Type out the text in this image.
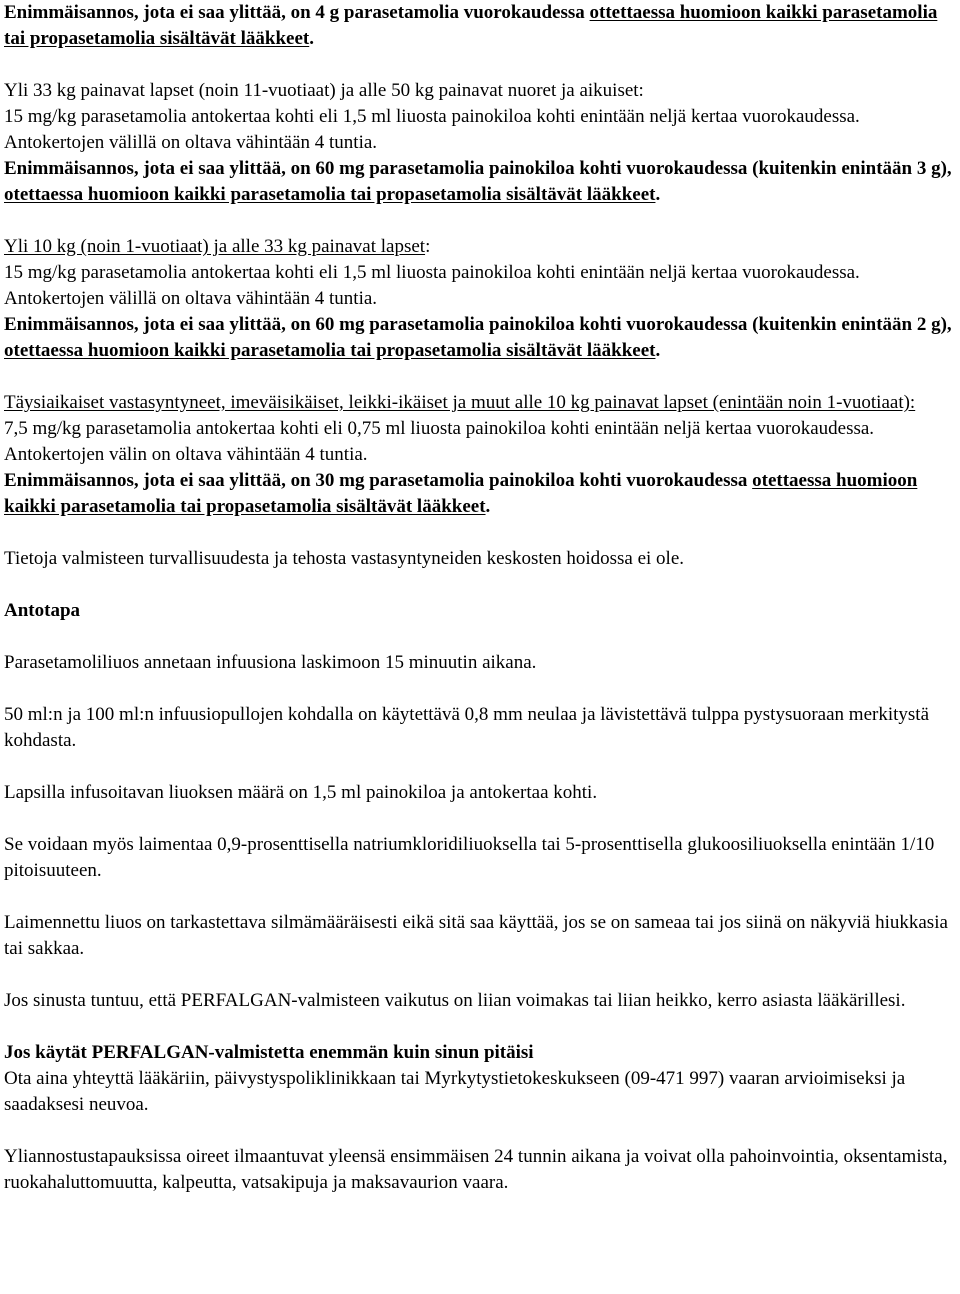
Enimmäisannos, jota ei saa ylittää, on 4 g parasetamolia vuorokaudessa ottettaessa huomioon kaikki parasetamolia tai propasetamolia sisältävät lääkkeet.

Yli 33 kg painavat lapset (noin 11-vuotiaat) ja alle 50 kg painavat nuoret ja aikuiset:

15 mg/kg parasetamolia antokertaa kohti eli 1,5 ml liuosta painokiloa kohti enintään neljä kertaa vuorokaudessa. Antokertojen välillä on oltava vähintään 4 tuntia.

Enimmäisannos, jota ei saa ylittää, on 60 mg parasetamolia painokiloa kohti vuorokaudessa (kuitenkin enintään 3 g), otettaessa huomioon kaikki parasetamolia tai propasetamolia sisältävät lääkkeet.

Yli 10 kg (noin 1-vuotiaat) ja alle 33 kg painavat lapset:

15 mg/kg parasetamolia antokertaa kohti eli 1,5 ml liuosta painokiloa kohti enintään neljä kertaa vuorokaudessa. Antokertojen välillä on oltava vähintään 4 tuntia.

Enimmäisannos, jota ei saa ylittää, on 60 mg parasetamolia painokiloa kohti vuorokaudessa (kuitenkin enintään 2 g), otettaessa huomioon kaikki parasetamolia tai propasetamolia sisältävät lääkkeet.

Täysiaikaiset vastasyntyneet, imeväisikäiset, leikki-ikäiset ja muut alle 10 kg painavat lapset (enintään noin 1-vuotiaat):

7,5 mg/kg parasetamolia antokertaa kohti eli 0,75 ml liuosta painokiloa kohti enintään neljä kertaa vuorokaudessa. Antokertojen välin on oltava vähintään 4 tuntia.

Enimmäisannos, jota ei saa ylittää, on 30 mg parasetamolia painokiloa kohti vuorokaudessa otettaessa huomioon kaikki parasetamolia tai propasetamolia sisältävät lääkkeet.

Tietoja valmisteen turvallisuudesta ja tehosta vastasyntyneiden keskosten hoidossa ei ole.

Antotapa

Parasetamoliliuos annetaan infuusiona laskimoon 15 minuutin aikana.

50 ml:n ja 100 ml:n infuusiopullojen kohdalla on käytettävä 0,8 mm neulaa ja lävistettävä tulppa pystysuoraan merkitystä kohdasta.

Lapsilla infusoitavan liuoksen määrä on 1,5 ml painokiloa ja antokertaa kohti.

Se voidaan myös laimentaa 0,9-prosenttisella natriumkloridiliuoksella tai 5-prosenttisella glukoosiliuoksella enintään 1/10 pitoisuuteen.

Laimennettu liuos on tarkastettava silmämääräisesti eikä sitä saa käyttää, jos se on sameaa tai jos siinä on näkyviä hiukkasia tai sakkaa.

Jos sinusta tuntuu, että PERFALGAN-valmisteen vaikutus on liian voimakas tai liian heikko, kerro asiasta lääkärillesi.

Jos käytät PERFALGAN-valmistetta enemmän kuin sinun pitäisi

Ota aina yhteyttä lääkäriin, päivystyspoliklinikkaan tai Myrkytystietokeskukseen (09-471 997) vaaran arvioimiseksi ja saadaksesi neuvoa.

Yliannostustapauksissa oireet ilmaantuvat yleensä ensimmäisen 24 tunnin aikana ja voivat olla pahoinvointia, oksentamista, ruokahaluttomuutta, kalpeutta, vatsakipuja ja maksavaurion vaara.
